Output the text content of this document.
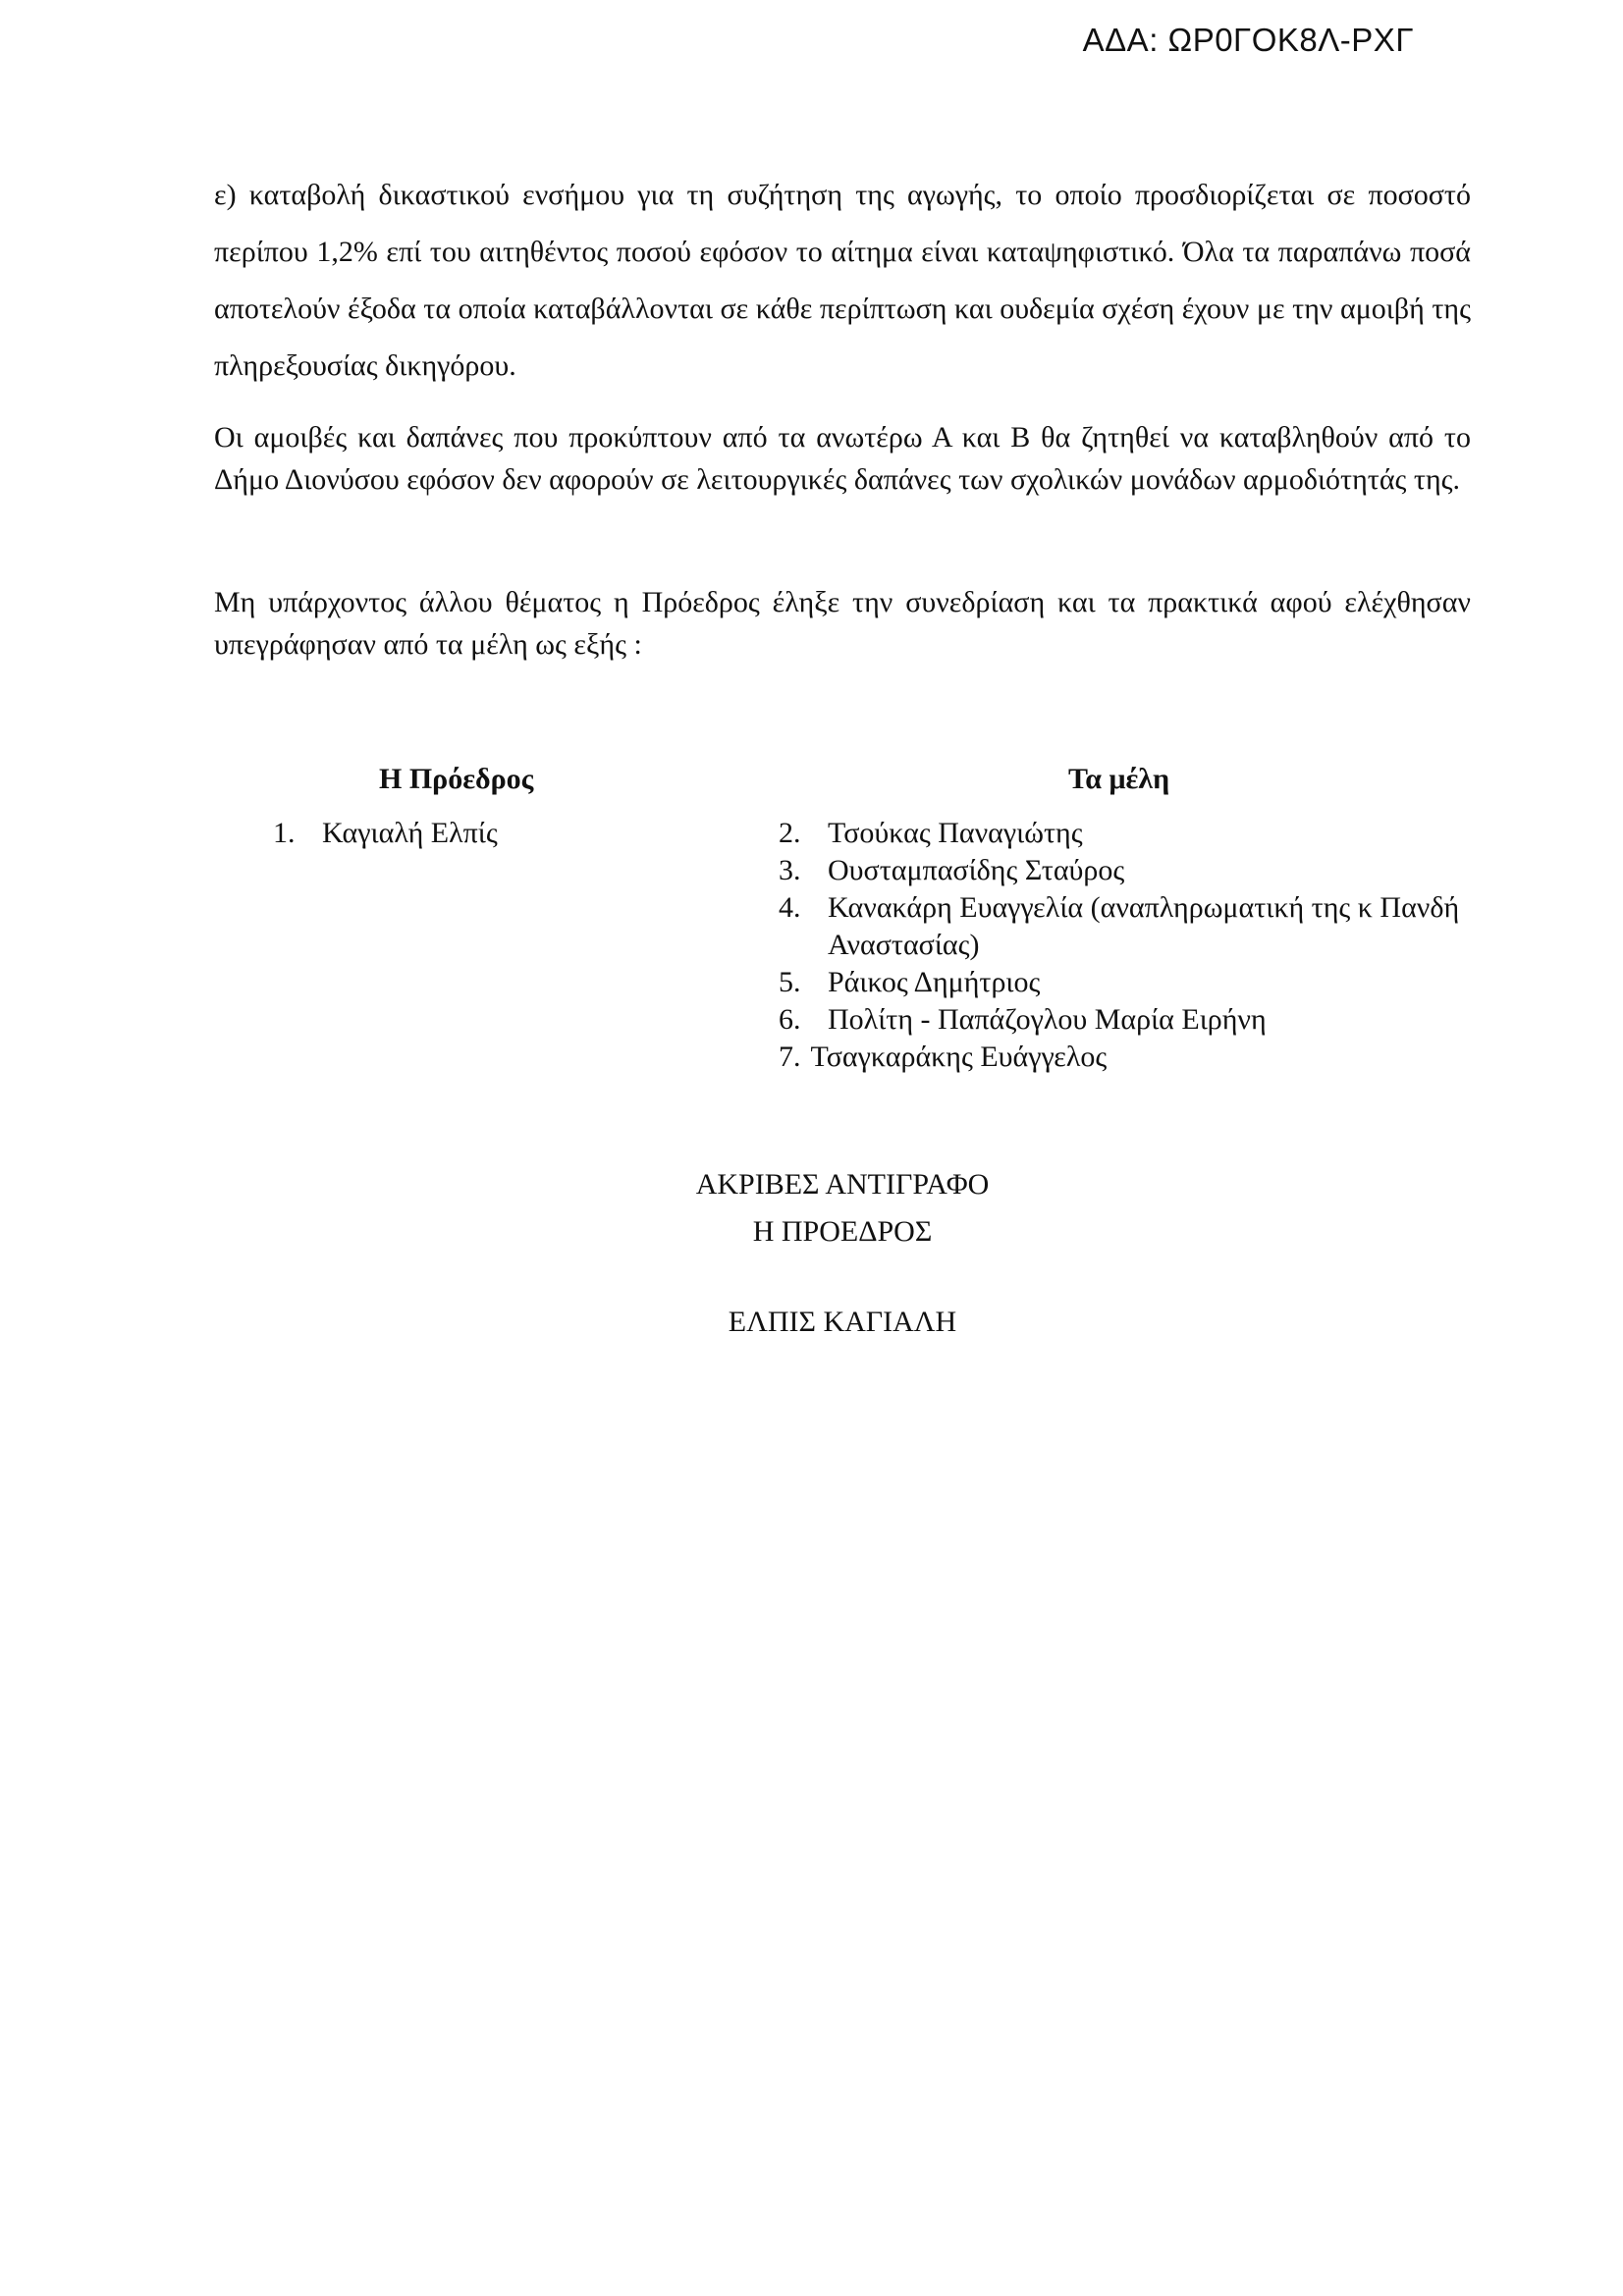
ΑΔΑ: ΩΡ0ΓΟΚ8Λ-ΡΧΓ

ε) καταβολή δικαστικού ενσήμου για τη συζήτηση της αγωγής, το οποίο προσδιορίζεται σε ποσοστό περίπου 1,2% επί του αιτηθέντος ποσού εφόσον το αίτημα είναι καταψηφιστικό. Όλα τα παραπάνω ποσά αποτελούν έξοδα τα οποία καταβάλλονται σε κάθε περίπτωση και ουδεμία σχέση έχουν με την αμοιβή της πληρεξουσίας δικηγόρου.

Οι αμοιβές και δαπάνες που προκύπτουν από τα ανωτέρω Α και Β θα ζητηθεί να καταβληθούν από το Δήμο Διονύσου εφόσον δεν αφορούν σε λειτουργικές δαπάνες των σχολικών μονάδων αρμοδιότητάς της.

Μη υπάρχοντος άλλου θέματος η Πρόεδρος έληξε την συνεδρίαση και τα πρακτικά αφού ελέχθησαν υπεγράφησαν από τα μέλη ως εξής :

Η Πρόεδρος	Τα μέλη
1. Καγιαλή Ελπίς	2. Τσούκας Παναγιώτης
3. Ουσταμπασίδης Σταύρος
4. Κανακάρη Ευαγγελία (αναπληρωματική της κ Πανδή Αναστασίας)
5. Ράικος Δημήτριος
6. Πολίτη - Παπάζογλου Μαρία Ειρήνη
7. Τσαγκαράκης Ευάγγελος
ΑΚΡΙΒΕΣ ΑΝΤΙΓΡΑΦΟ
Η ΠΡΟΕΔΡΟΣ
ΕΛΠΙΣ ΚΑΓΙΑΛΗ
